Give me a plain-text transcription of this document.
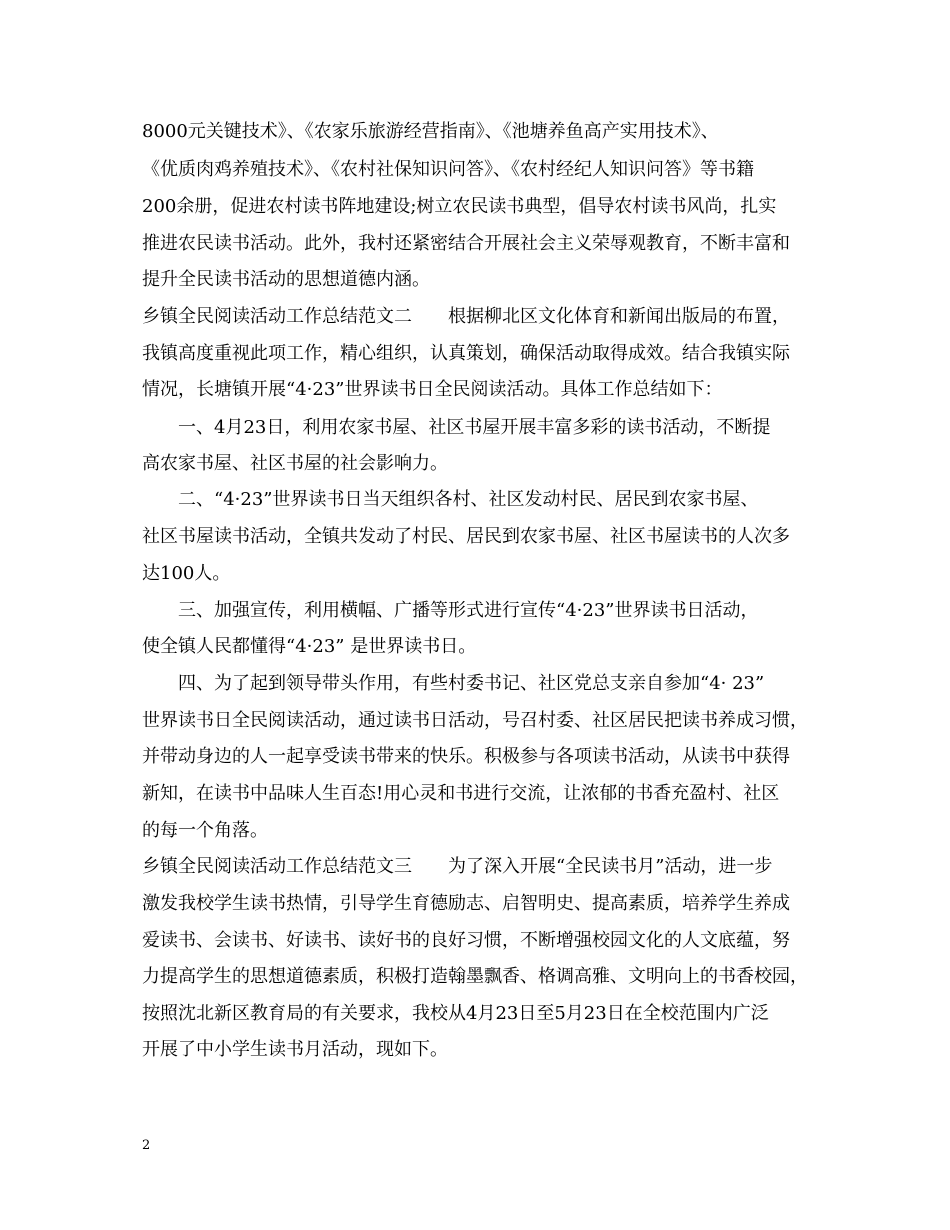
8000元关键技术》、《农家乐旅游经营指南》、《池塘养鱼高产实用技术》、
《优质肉鸡养殖技术》、《农村社保知识问答》、《农村经纪人知识问答》等书籍
200余册，促进农村读书阵地建设;树立农民读书典型，倡导农村读书风尚，扎实
推进农民读书活动。此外，我村还紧密结合开展社会主义荣辱观教育，不断丰富和
提升全民读书活动的思想道德内涵。
乡镇全民阅读活动工作总结范文二　　根据柳北区文化体育和新闻出版局的布置，
我镇高度重视此项工作，精心组织，认真策划，确保活动取得成效。结合我镇实际
情况，长塘镇开展“4·23”世界读书日全民阅读活动。具体工作总结如下：
一、4月23日，利用农家书屋、社区书屋开展丰富多彩的读书活动，不断提
高农家书屋、社区书屋的社会影响力。
二、“4·23”世界读书日当天组织各村、社区发动村民、居民到农家书屋、
社区书屋读书活动，全镇共发动了村民、居民到农家书屋、社区书屋读书的人次多
达100人。
三、加强宣传，利用横幅、广播等形式进行宣传“4·23”世界读书日活动，
使全镇人民都懂得“4·23” 是世界读书日。
四、为了起到领导带头作用，有些村委书记、社区党总支亲自参加“4· 23”
世界读书日全民阅读活动，通过读书日活动，号召村委、社区居民把读书养成习惯，
并带动身边的人一起享受读书带来的快乐。积极参与各项读书活动，从读书中获得
新知，在读书中品味人生百态!用心灵和书进行交流，让浓郁的书香充盈村、社区
的每一个角落。
乡镇全民阅读活动工作总结范文三　　为了深入开展“全民读书月”活动，进一步
激发我校学生读书热情，引导学生育德励志、启智明史、提高素质，培养学生养成
爱读书、会读书、好读书、读好书的良好习惯，不断增强校园文化的人文底蕴，努
力提高学生的思想道德素质，积极打造翰墨飘香、格调高雅、文明向上的书香校园，
按照沈北新区教育局的有关要求，我校从4月23日至5月23日在全校范围内广泛
开展了中小学生读书月活动，现如下。
2
